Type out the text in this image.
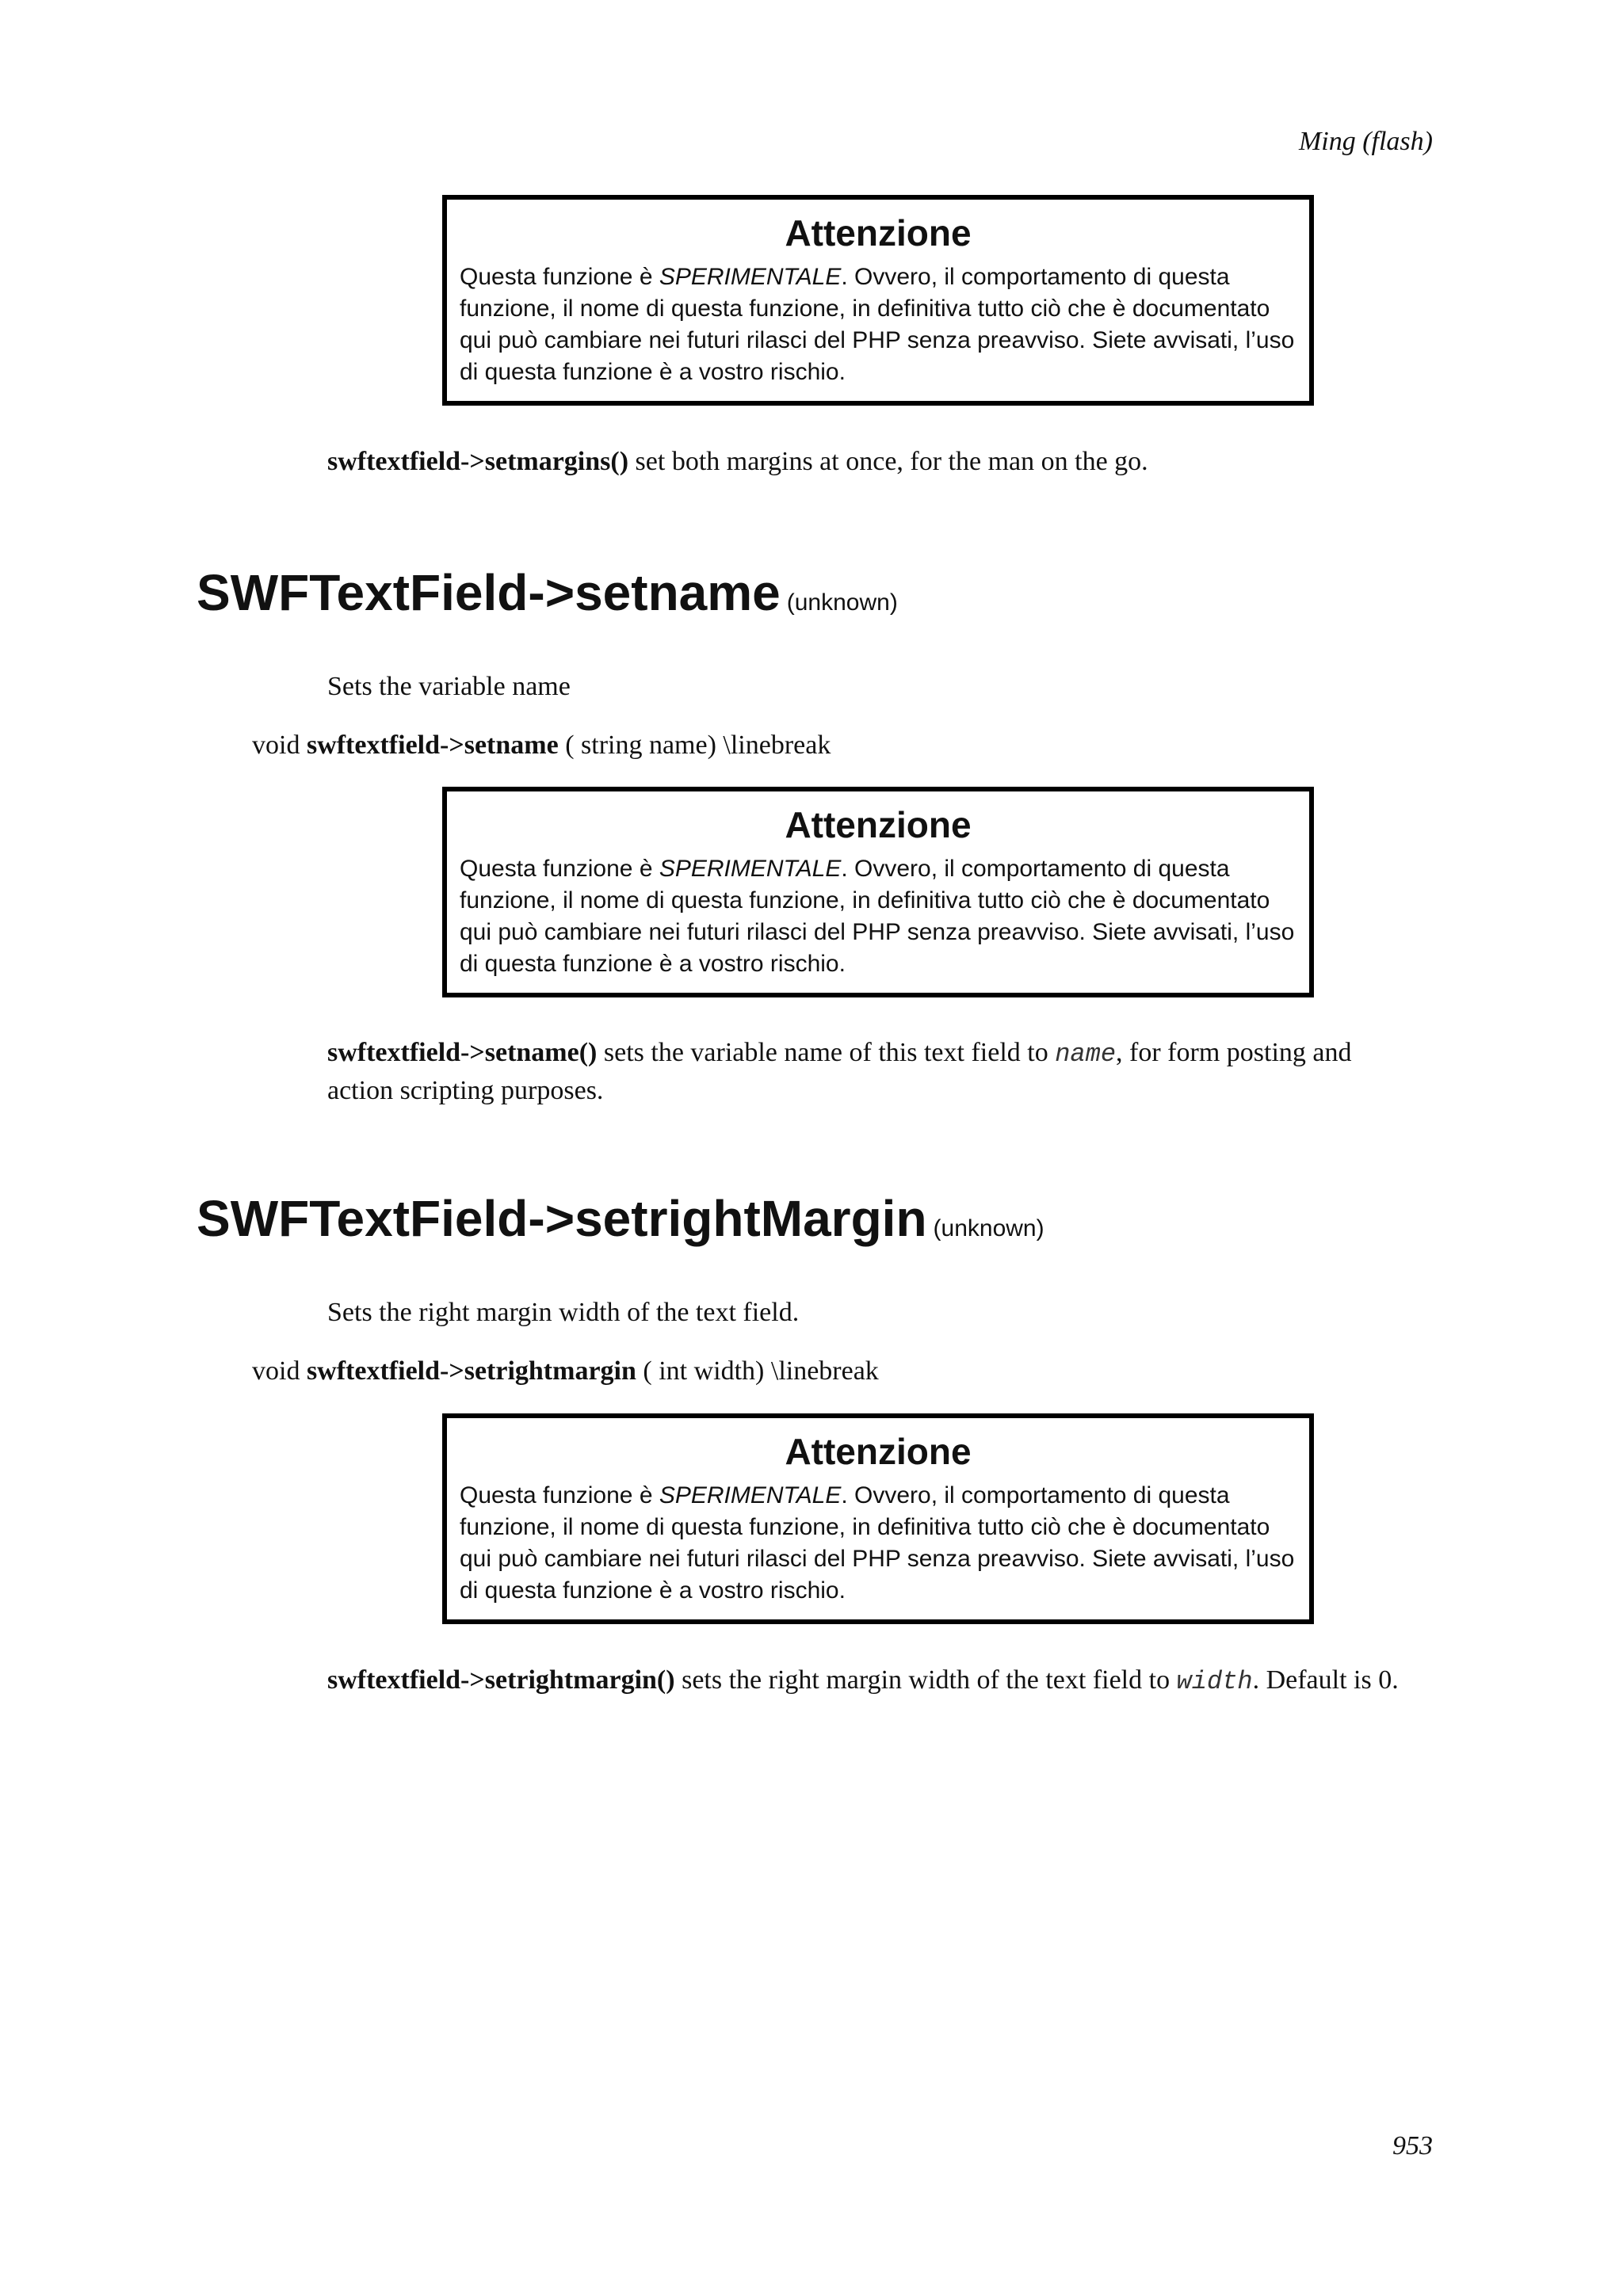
Ming (flash)
Attenzione
Questa funzione è SPERIMENTALE. Ovvero, il comportamento di questa funzione, il nome di questa funzione, in definitiva tutto ciò che è documentato qui può cambiare nei futuri rilasci del PHP senza preavviso. Siete avvisati, l’uso di questa funzione è a vostro rischio.
swftextfield->setmargins() set both margins at once, for the man on the go.
SWFTextField->setname (unknown)
Sets the variable name
void swftextfield->setname ( string name) \linebreak
Attenzione
Questa funzione è SPERIMENTALE. Ovvero, il comportamento di questa funzione, il nome di questa funzione, in definitiva tutto ciò che è documentato qui può cambiare nei futuri rilasci del PHP senza preavviso. Siete avvisati, l’uso di questa funzione è a vostro rischio.
swftextfield->setname() sets the variable name of this text field to name, for form posting and action scripting purposes.
SWFTextField->setrightMargin (unknown)
Sets the right margin width of the text field.
void swftextfield->setrightmargin ( int width) \linebreak
Attenzione
Questa funzione è SPERIMENTALE. Ovvero, il comportamento di questa funzione, il nome di questa funzione, in definitiva tutto ciò che è documentato qui può cambiare nei futuri rilasci del PHP senza preavviso. Siete avvisati, l’uso di questa funzione è a vostro rischio.
swftextfield->setrightmargin() sets the right margin width of the text field to width. Default is 0.
953
